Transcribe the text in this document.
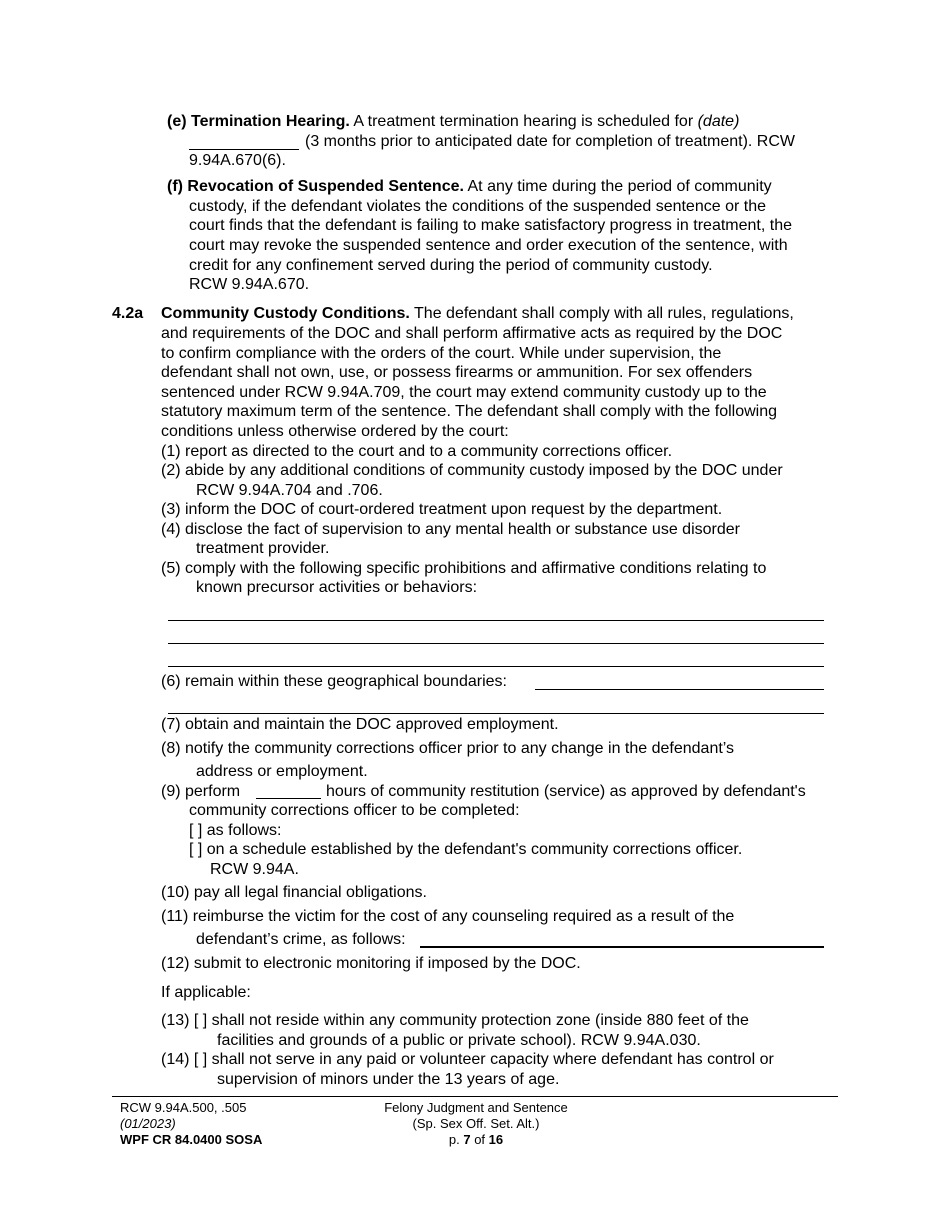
(e) Termination Hearing. A treatment termination hearing is scheduled for (date)
(3 months prior to anticipated date for completion of treatment). RCW
9.94A.670(6).
(f) Revocation of Suspended Sentence. At any time during the period of community
custody, if the defendant violates the conditions of the suspended sentence or the
court finds that the defendant is failing to make satisfactory progress in treatment, the
court may revoke the suspended sentence and order execution of the sentence, with
credit for any confinement served during the period of community custody.
RCW 9.94A.670.
4.2a Community Custody Conditions. The defendant shall comply with all rules, regulations,
and requirements of the DOC and shall perform affirmative acts as required by the DOC
to confirm compliance with the orders of the court. While under supervision, the
defendant shall not own, use, or possess firearms or ammunition. For sex offenders
sentenced under RCW 9.94A.709, the court may extend community custody up to the
statutory maximum term of the sentence. The defendant shall comply with the following
conditions unless otherwise ordered by the court:
(1) report as directed to the court and to a community corrections officer.
(2) abide by any additional conditions of community custody imposed by the DOC under
RCW 9.94A.704 and .706.
(3) inform the DOC of court-ordered treatment upon request by the department.
(4) disclose the fact of supervision to any mental health or substance use disorder
treatment provider.
(5) comply with the following specific prohibitions and affirmative conditions relating to
known precursor activities or behaviors:
(6) remain within these geographical boundaries:
(7) obtain and maintain the DOC approved employment.
(8) notify the community corrections officer prior to any change in the defendant’s
address or employment.
(9) perform	hours of community restitution (service) as approved by defendant's
community corrections officer to be completed:
[ ] as follows:
[ ] on a schedule established by the defendant's community corrections officer.
RCW 9.94A.
(10) pay all legal financial obligations.
(11) reimburse the victim for the cost of any counseling required as a result of the
defendant’s crime, as follows:
(12) submit to electronic monitoring if imposed by the DOC.
If applicable:
(13) [ ] shall not reside within any community protection zone (inside 880 feet of the
facilities and grounds of a public or private school). RCW 9.94A.030.
(14) [ ] shall not serve in any paid or volunteer capacity where defendant has control or
supervision of minors under the 13 years of age.
RCW 9.94A.500, .505
(01/2023)
WPF CR 84.0400 SOSA
Felony Judgment and Sentence
(Sp. Sex Off. Set. Alt.)
p. 7 of 16
